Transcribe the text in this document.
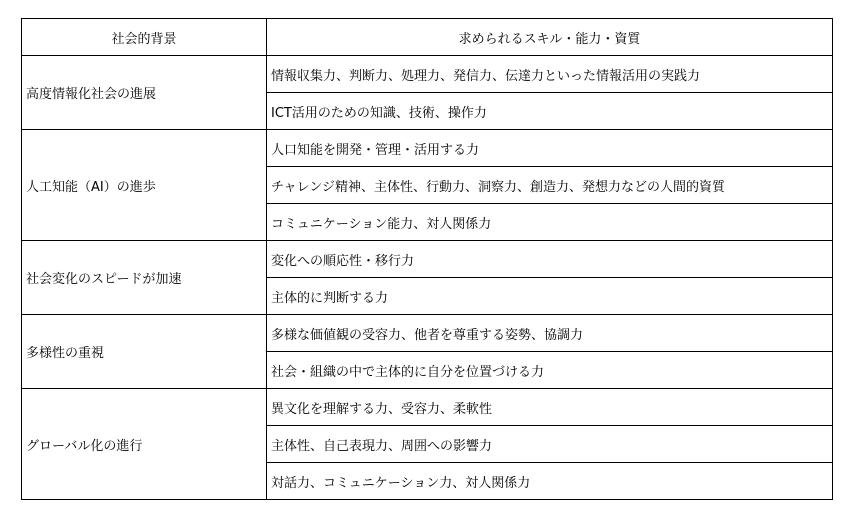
社会的背景	求められるスキル・能力・資質
高度情報化社会の進展	情報収集力、判断力、処理力、発信力、伝達力といった情報活用の実践力
	ICT活用のための知識、技術、操作力
人工知能（AI）の進歩	人口知能を開発・管理・活用する力
	チャレンジ精神、主体性、行動力、洞察力、創造力、発想力などの人間的資質
	コミュニケーション能力、対人関係力
社会変化のスピードが加速	変化への順応性・移行力
	主体的に判断する力
多様性の重視	多様な価値観の受容力、他者を尊重する姿勢、協調力
	社会・組織の中で主体的に自分を位置づける力
グローバル化の進行	異文化を理解する力、受容力、柔軟性
	主体性、自己表現力、周囲への影響力
	対話力、コミュニケーション力、対人関係力
